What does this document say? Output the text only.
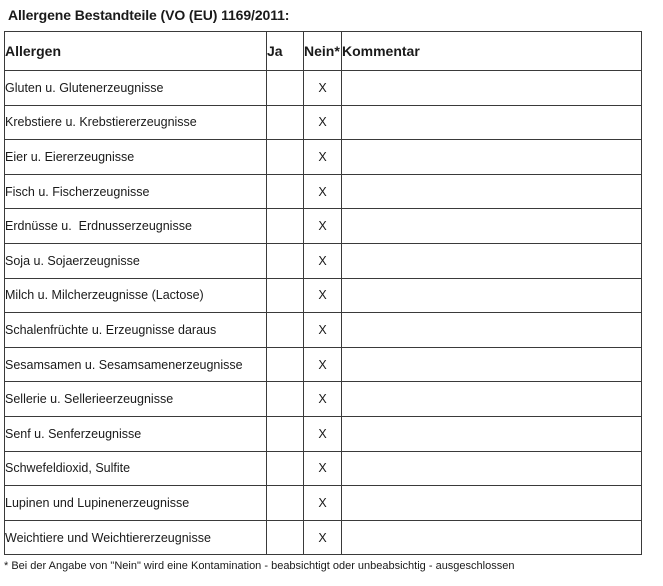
Allergene Bestandteile (VO (EU) 1169/2011:
Allergen	Ja	Nein*	Kommentar
Gluten u. Glutenerzeugnisse		X	
Krebstiere u. Krebstiererzeugnisse		X	
Eier u. Eiererzeugnisse		X	
Fisch u. Fischerzeugnisse		X	
Erdnüsse u.  Erdnusserzeugnisse		X	
Soja u. Sojaerzeugnisse		X	
Milch u. Milcherzeugnisse (Lactose)		X	
Schalenfrüchte u. Erzeugnisse daraus		X	
Sesamsamen u. Sesamsamenerzeugnisse		X	
Sellerie u. Sellerieerzeugnisse		X	
Senf u. Senferzeugnisse		X	
Schwefeldioxid, Sulfite		X	
Lupinen und Lupinenerzeugnisse		X	
Weichtiere und Weichtiererzeugnisse		X	
* Bei der Angabe von "Nein" wird eine Kontamination - beabsichtigt oder unbeabsichtig - ausgeschlossen
